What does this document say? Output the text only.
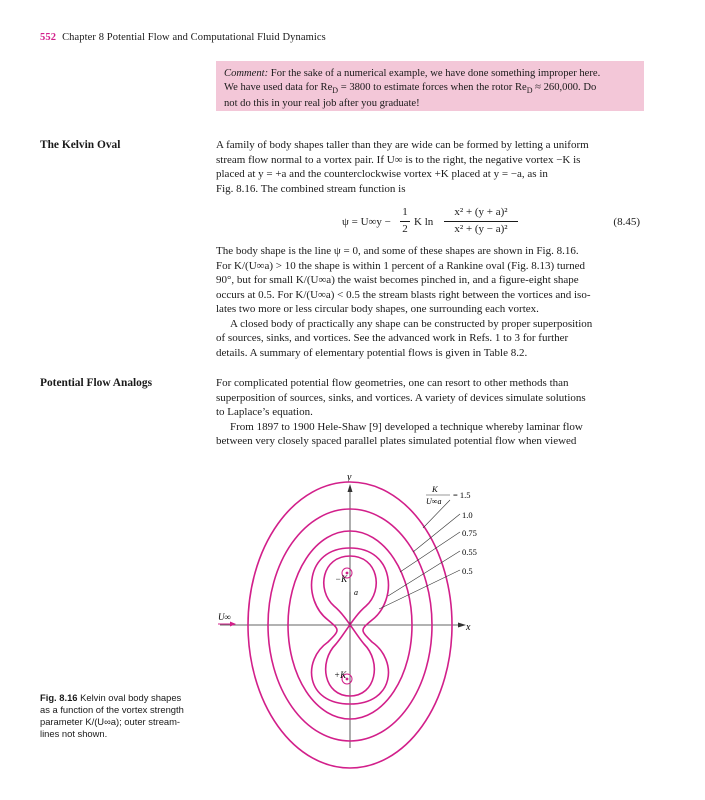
552 Chapter 8 Potential Flow and Computational Fluid Dynamics
Comment: For the sake of a numerical example, we have done something improper here.
We have used data for $Re_D = 3800$ to estimate forces when the rotor $Re_D \approx 260,000$. Do
not do this in your real job after you graduate!
The Kelvin Oval	A family of body shapes taller than they are wide can be formed by letting a uniform
stream flow normal to a vortex pair. If U∞ is to the right, the negative vortex −K is
placed at y = +a and the counterclockwise vortex +K placed at y = −a, as in
Fig. 8.16. The combined stream function is
ψ = U∞y −
1
2
K ln
x² + (y + a)²
x² + (y − a)²
(8.45)
The body shape is the line ψ = 0, and some of these shapes are shown in Fig. 8.16.
For K/(U∞a) > 10 the shape is within 1 percent of a Rankine oval (Fig. 8.13) turned
90°, but for small K/(U∞a) the waist becomes pinched in, and a figure-eight shape
occurs at 0.5. For K/(U∞a) < 0.5 the stream blasts right between the vortices and iso-
lates two more or less circular body shapes, one surrounding each vortex.
A closed body of practically any shape can be constructed by proper superposition
of sources, sinks, and vortices. See the advanced work in Refs. 1 to 3 for further
details. A summary of elementary potential flows is given in Table 8.2.
Potential Flow Analogs	For complicated potential flow geometries, one can resort to other methods than
superposition of sources, sinks, and vortices. A variety of devices simulate solutions
to Laplace’s equation.
From 1897 to 1900 Hele-Shaw [9] developed a technique whereby laminar flow
between very closely spaced parallel plates simulated potential flow when viewed
y
x
a
−K
+K
U∞
K
U∞a
= 1.5
1.0
0.75
0.55
0.5
Fig. 8.16 Kelvin oval body shapes
as a function of the vortex strength
parameter K/(U∞a); outer stream-
lines not shown.
